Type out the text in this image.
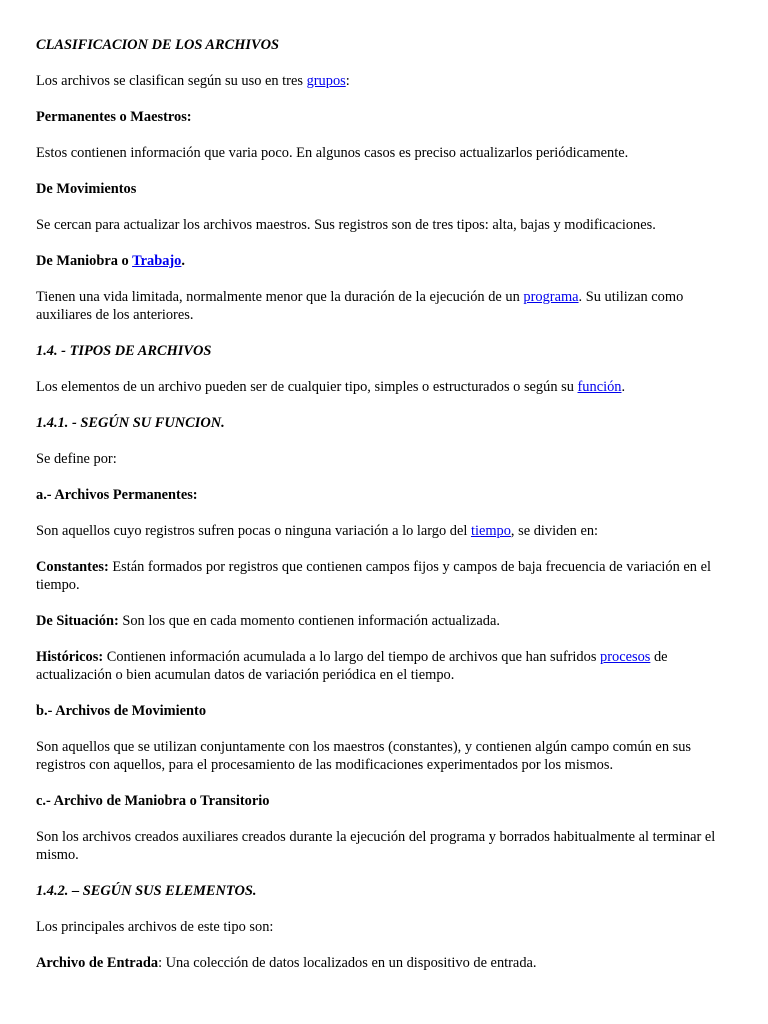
CLASIFICACION DE LOS ARCHIVOS

Los archivos se clasifican según su uso en tres grupos:

Permanentes o Maestros:

Estos contienen información que varia poco. En algunos casos es preciso actualizarlos periódicamente.

De Movimientos

Se cercan para actualizar los archivos maestros. Sus registros son de tres tipos: alta, bajas y modificaciones.

De Maniobra o Trabajo.

Tienen una vida limitada, normalmente menor que la duración de la ejecución de un programa. Su utilizan como auxiliares de los anteriores.

1.4. - TIPOS DE ARCHIVOS

Los elementos de un archivo pueden ser de cualquier tipo, simples o estructurados o según su función.

1.4.1. - SEGÚN SU FUNCION.

Se define por:

a.- Archivos Permanentes:

Son aquellos cuyo registros sufren pocas o ninguna variación a lo largo del tiempo, se dividen en:

Constantes: Están formados por registros que contienen campos fijos y campos de baja frecuencia de variación en el tiempo.

De Situación: Son los que en cada momento contienen información actualizada.

Históricos: Contienen información acumulada a lo largo del tiempo de archivos que han sufridos procesos de actualización o bien acumulan datos de variación periódica en el tiempo.

b.- Archivos de Movimiento

Son aquellos que se utilizan conjuntamente con los maestros (constantes), y contienen algún campo común en sus registros con aquellos, para el procesamiento de las modificaciones experimentados por los mismos.

c.- Archivo de Maniobra o Transitorio

Son los archivos creados auxiliares creados durante la ejecución del programa y borrados habitualmente al terminar el mismo.

1.4.2. – SEGÚN SUS ELEMENTOS.

Los principales archivos de este tipo son:

Archivo de Entrada: Una colección de datos localizados en un dispositivo de entrada.
